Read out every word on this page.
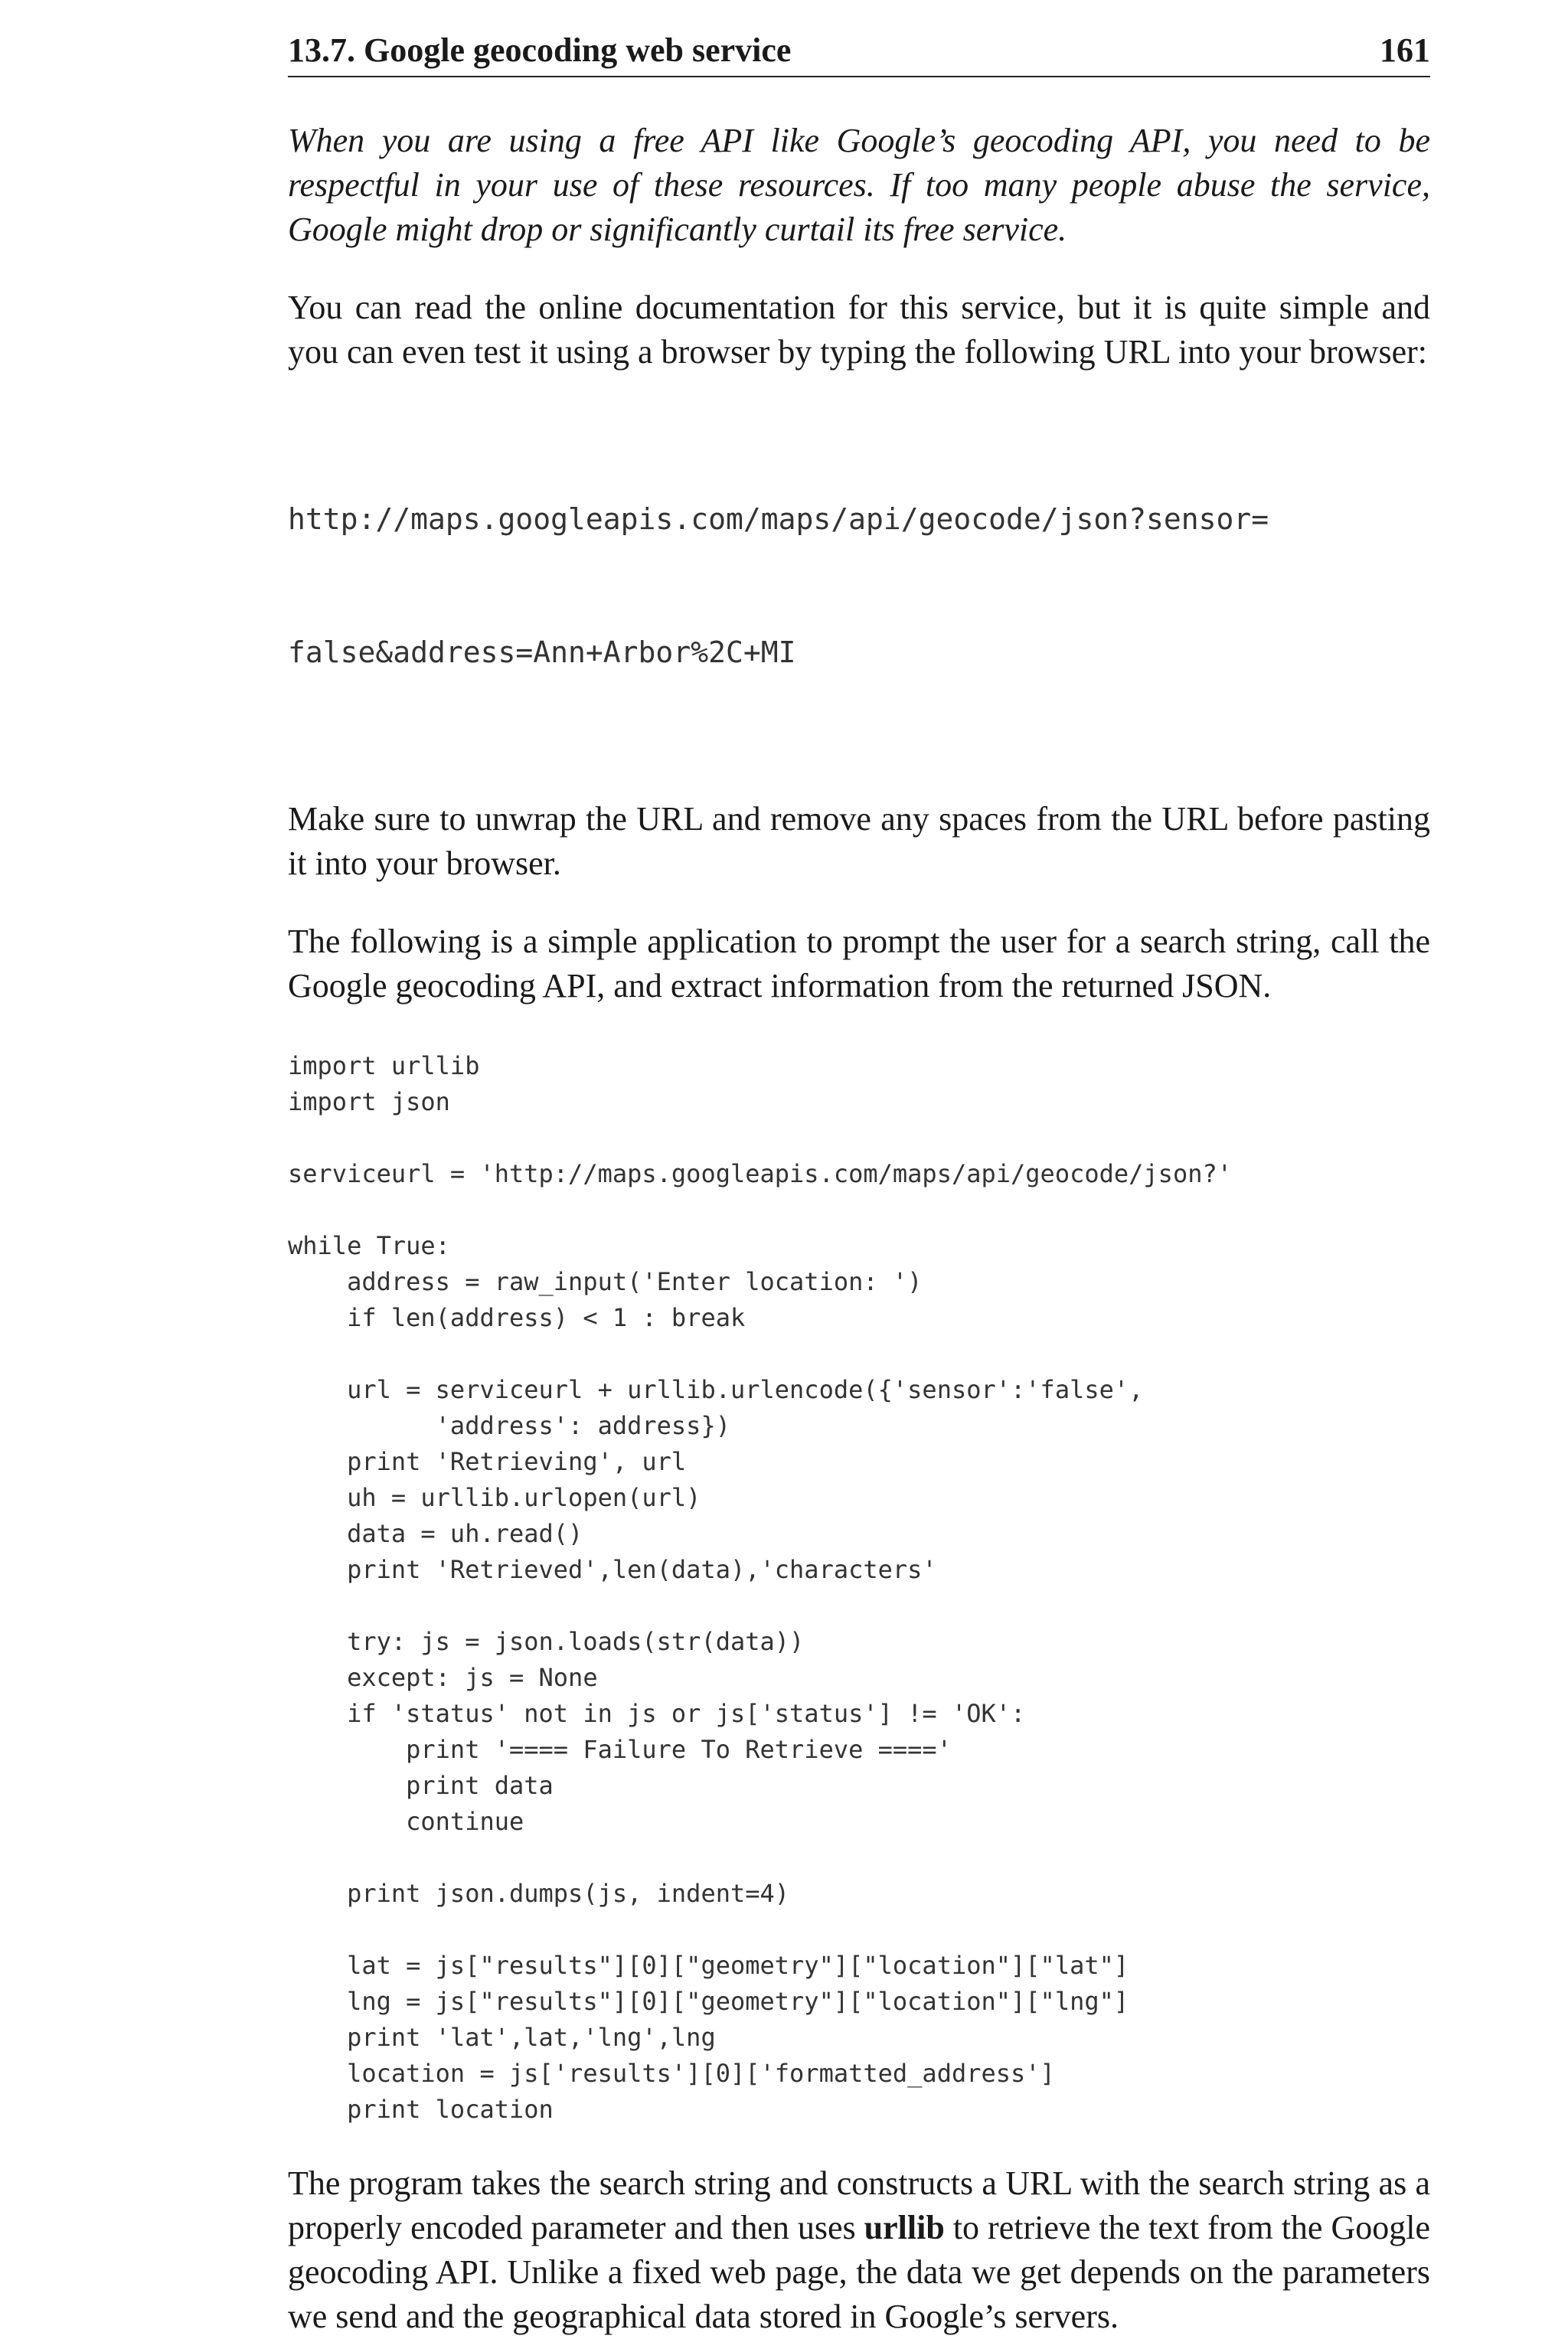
13.7. Google geocoding web service	161

When you are using a free API like Google’s geocoding API, you need to be respectful in your use of these resources. If too many people abuse the service, Google might drop or significantly curtail its free service.

You can read the online documentation for this service, but it is quite simple and you can even test it using a browser by typing the following URL into your browser:

http://maps.googleapis.com/maps/api/geocode/json?sensor=

false&address=Ann+Arbor%2C+MI

Make sure to unwrap the URL and remove any spaces from the URL before pasting it into your browser.

The following is a simple application to prompt the user for a search string, call the Google geocoding API, and extract information from the returned JSON.

import urllib
import json
serviceurl = 'http://maps.googleapis.com/maps/api/geocode/json?'
while True:
address = raw_input('Enter location: ')
if len(address) < 1 : break
url = serviceurl + urllib.urlencode({'sensor':'false',
'address': address})
print 'Retrieving', url
uh = urllib.urlopen(url)
data = uh.read()
print 'Retrieved',len(data),'characters'
try: js = json.loads(str(data))
except: js = None
if 'status' not in js or js['status'] != 'OK':
print '==== Failure To Retrieve ===='
print data
continue
print json.dumps(js, indent=4)
lat = js["results"][0]["geometry"]["location"]["lat"]
lng = js["results"][0]["geometry"]["location"]["lng"]
print 'lat',lat,'lng',lng
location = js['results'][0]['formatted_address']
print location

The program takes the search string and constructs a URL with the search string as a properly encoded parameter and then uses urllib to retrieve the text from the Google geocoding API. Unlike a fixed web page, the data we get depends on the parameters we send and the geographical data stored in Google’s servers.
